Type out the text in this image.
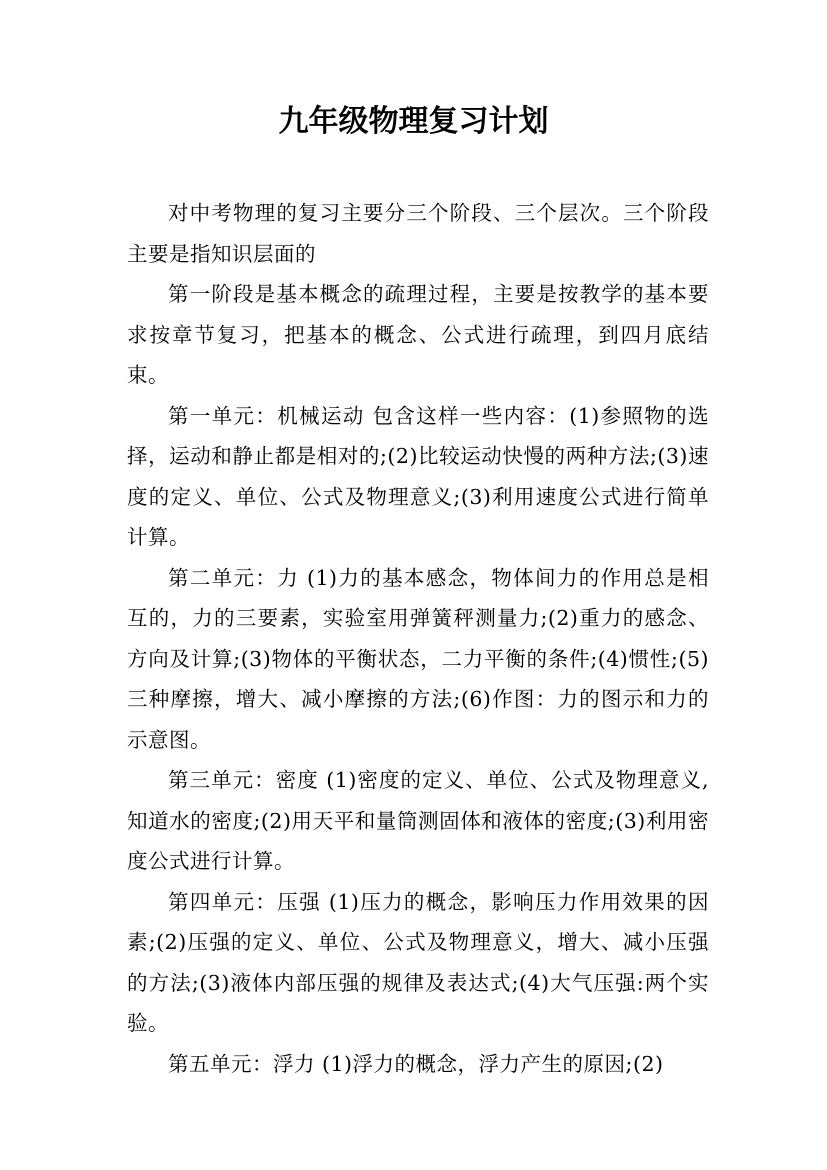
九年级物理复习计划

对中考物理的复习主要分三个阶段、三个层次。三个阶段主要是指知识层面的

第一阶段是基本概念的疏理过程，主要是按教学的基本要求按章节复习，把基本的概念、公式进行疏理，到四月底结束。

第一单元：机械运动 包含这样一些内容：(1)参照物的选择，运动和静止都是相对的;(2)比较运动快慢的两种方法;(3)速度的定义、单位、公式及物理意义;(3)利用速度公式进行简单计算。

第二单元：力 (1)力的基本感念，物体间力的作用总是相互的，力的三要素，实验室用弹簧秤测量力;(2)重力的感念、方向及计算;(3)物体的平衡状态，二力平衡的条件;(4)惯性;(5)三种摩擦，增大、减小摩擦的方法;(6)作图：力的图示和力的示意图。

第三单元：密度 (1)密度的定义、单位、公式及物理意义,知道水的密度;(2)用天平和量筒测固体和液体的密度;(3)利用密度公式进行计算。

第四单元：压强 (1)压力的概念，影响压力作用效果的因素;(2)压强的定义、单位、公式及物理意义，增大、减小压强的方法;(3)液体内部压强的规律及表达式;(4)大气压强:两个实验。

第五单元：浮力 (1)浮力的概念，浮力产生的原因;(2)
